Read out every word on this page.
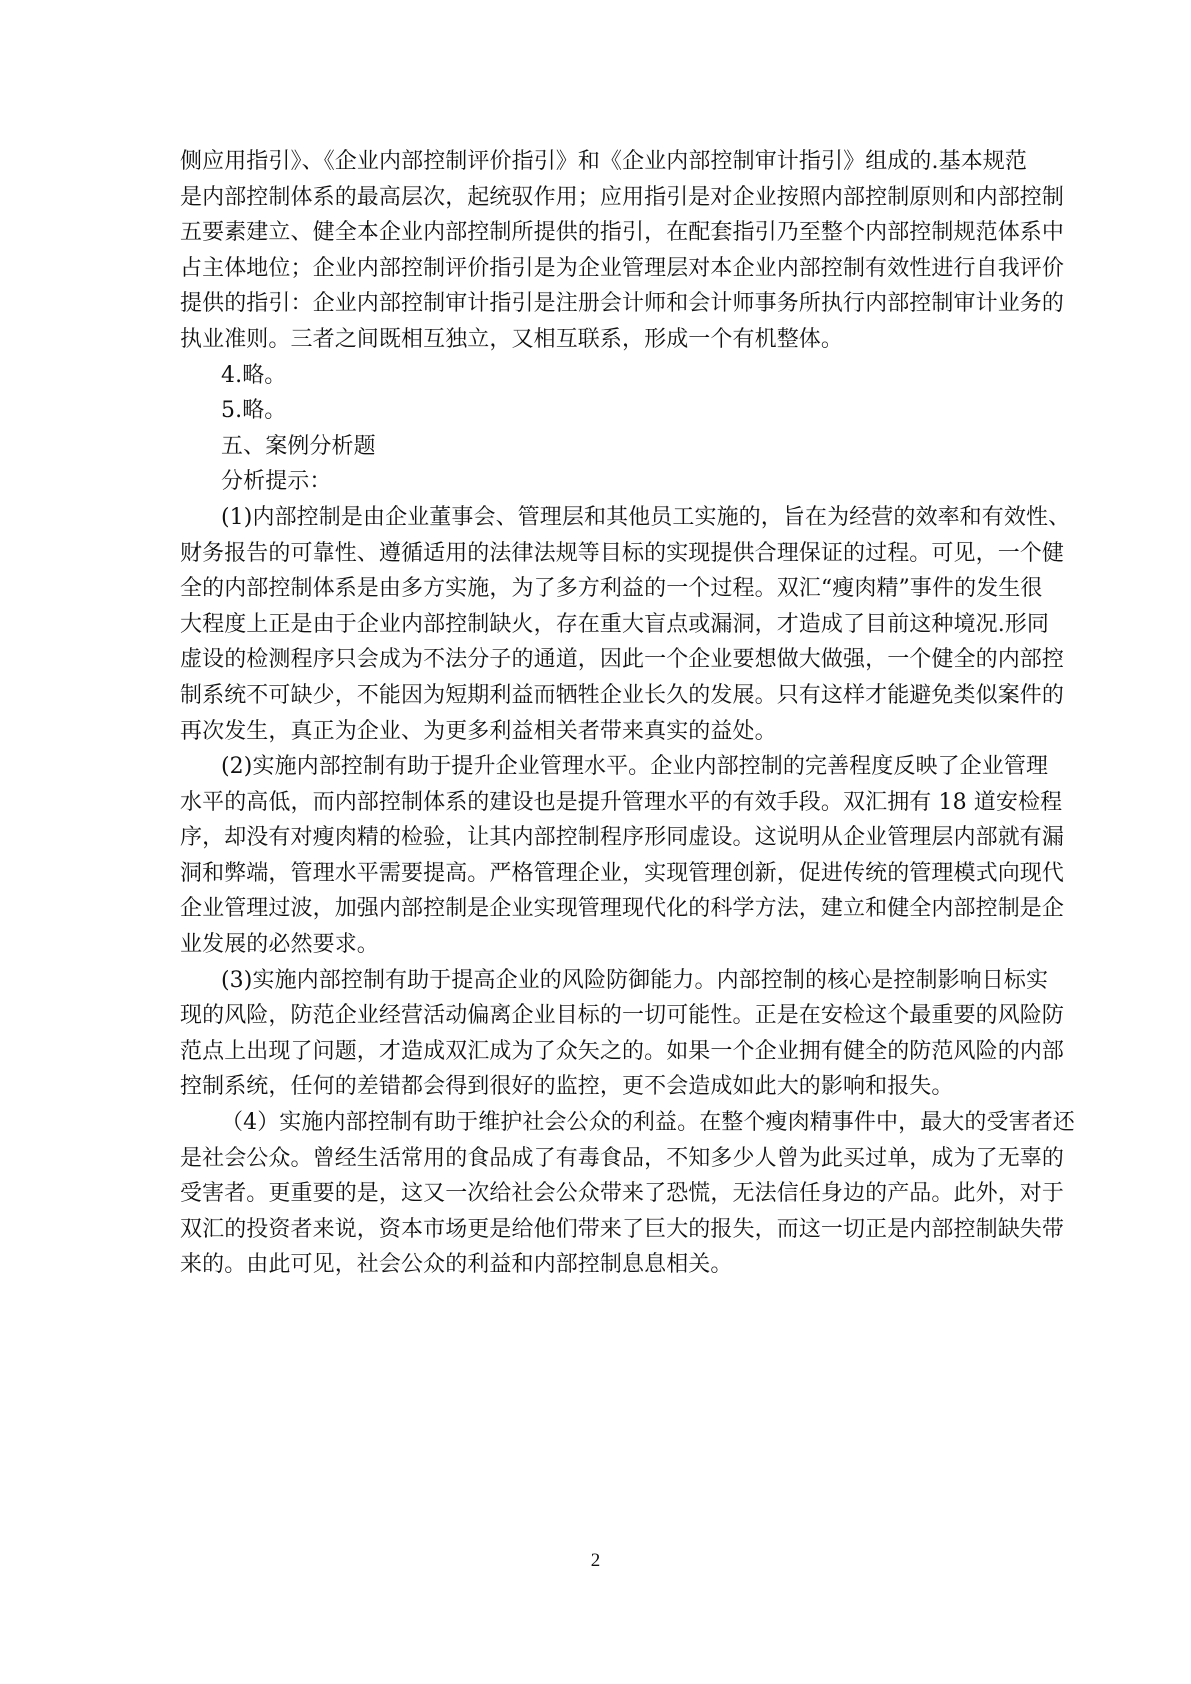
侧应用指引》、《企业内部控制评价指引》和《企业内部控制审计指引》组成的.基本规范
是内部控制体系的最高层次，起统驭作用；应用指引是对企业按照内部控制原则和内部控制
五要素建立、健全本企业内部控制所提供的指引，在配套指引乃至整个内部控制规范体系中
占主体地位；企业内部控制评价指引是为企业管理层对本企业内部控制有效性进行自我评价
提供的指引：企业内部控制审计指引是注册会计师和会计师事务所执行内部控制审计业务的
执业准则。三者之间既相互独立，又相互联系，形成一个有机整体。
4.略。
5.略。
五、案例分析题
分析提示：
(1)内部控制是由企业董事会、管理层和其他员工实施的，旨在为经营的效率和有效性、
财务报告的可靠性、遵循适用的法律法规等目标的实现提供合理保证的过程。可见，一个健
全的内部控制体系是由多方实施，为了多方利益的一个过程。双汇“瘦肉精”事件的发生很
大程度上正是由于企业内部控制缺火，存在重大盲点或漏洞，才造成了目前这种境况.形同
虚设的检测程序只会成为不法分子的通道，因此一个企业要想做大做强，一个健全的内部控
制系统不可缺少，不能因为短期利益而牺牲企业长久的发展。只有这样才能避免类似案件的
再次发生，真正为企业、为更多利益相关者带来真实的益处。
(2)实施内部控制有助于提升企业管理水平。企业内部控制的完善程度反映了企业管理
水平的高低，而内部控制体系的建设也是提升管理水平的有效手段。双汇拥有 18 道安检程
序，却没有对瘦肉精的检验，让其内部控制程序形同虚设。这说明从企业管理层内部就有漏
洞和弊端，管理水平需要提高。严格管理企业，实现管理创新，促进传统的管理模式向现代
企业管理过波，加强内部控制是企业实现管理现代化的科学方法，建立和健全内部控制是企
业发展的必然要求。
(3)实施内部控制有助于提高企业的风险防御能力。内部控制的核心是控制影响日标实
现的风险，防范企业经营活动偏离企业目标的一切可能性。正是在安检这个最重要的风险防
范点上出现了问题，才造成双汇成为了众矢之的。如果一个企业拥有健全的防范风险的内部
控制系统，任何的差错都会得到很好的监控，更不会造成如此大的影响和报失。
（4）实施内部控制有助于维护社会公众的利益。在整个瘦肉精事件中，最大的受害者还
是社会公众。曾经生活常用的食品成了有毒食品，不知多少人曾为此买过单，成为了无辜的
受害者。更重要的是，这又一次给社会公众带来了恐慌，无法信任身边的产品。此外，对于
双汇的投资者来说，资本市场更是给他们带来了巨大的报失，而这一切正是内部控制缺失带
来的。由此可见，社会公众的利益和内部控制息息相关。
2
